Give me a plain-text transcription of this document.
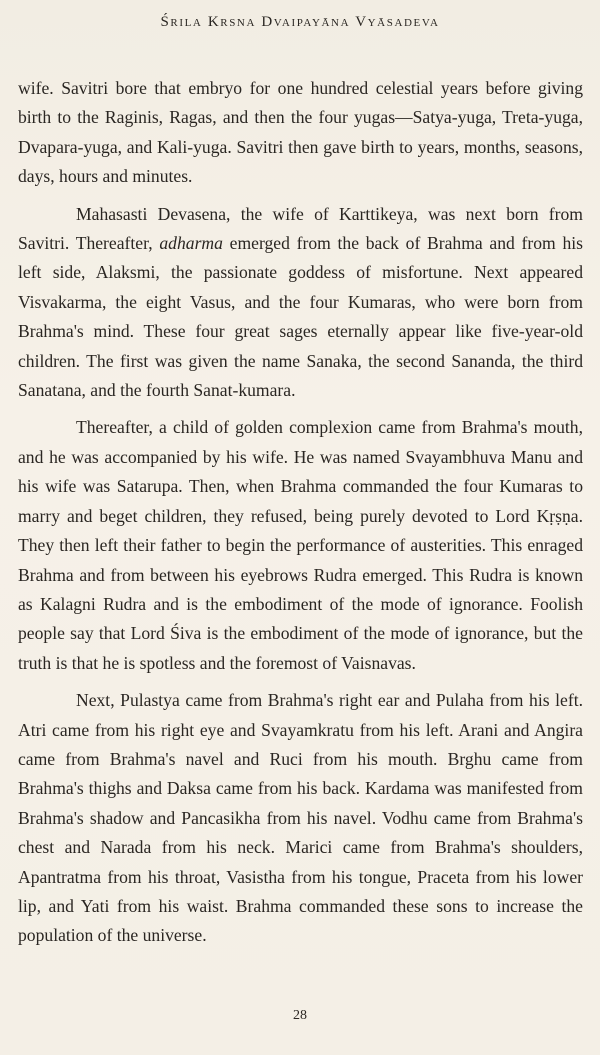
Śrila Krsna Dvaipayāna Vyāsadeva

wife. Savitri bore that embryo for one hundred celestial years before giving birth to the Raginis, Ragas, and then the four yugas—Satya-yuga, Treta-yuga, Dvapara-yuga, and Kali-yuga. Savitri then gave birth to years, months, seasons, days, hours and minutes.

Mahasasti Devasena, the wife of Karttikeya, was next born from Savitri. Thereafter, adharma emerged from the back of Brahma and from his left side, Alaksmi, the passionate goddess of misfortune. Next appeared Visvakarma, the eight Vasus, and the four Kumaras, who were born from Brahma's mind. These four great sages eternally appear like five-year-old children. The first was given the name Sanaka, the second Sananda, the third Sanatana, and the fourth Sanat-kumara.

Thereafter, a child of golden complexion came from Brahma's mouth, and he was accompanied by his wife. He was named Svayambhuva Manu and his wife was Satarupa. Then, when Brahma commanded the four Kumaras to marry and beget children, they refused, being purely devoted to Lord Kṛṣṇa. They then left their father to begin the performance of austerities. This enraged Brahma and from between his eyebrows Rudra emerged. This Rudra is known as Kalagni Rudra and is the embodiment of the mode of ignorance. Foolish people say that Lord Śiva is the embodiment of the mode of ignorance, but the truth is that he is spotless and the foremost of Vaisnavas.

Next, Pulastya came from Brahma's right ear and Pulaha from his left. Atri came from his right eye and Svayamkratu from his left. Arani and Angira came from Brahma's navel and Ruci from his mouth. Brghu came from Brahma's thighs and Daksa came from his back. Kardama was manifested from Brahma's shadow and Pancasikha from his navel. Vodhu came from Brahma's chest and Narada from his neck. Marici came from Brahma's shoulders, Apantratma from his throat, Vasistha from his tongue, Praceta from his lower lip, and Yati from his waist. Brahma commanded these sons to increase the population of the universe.

28
